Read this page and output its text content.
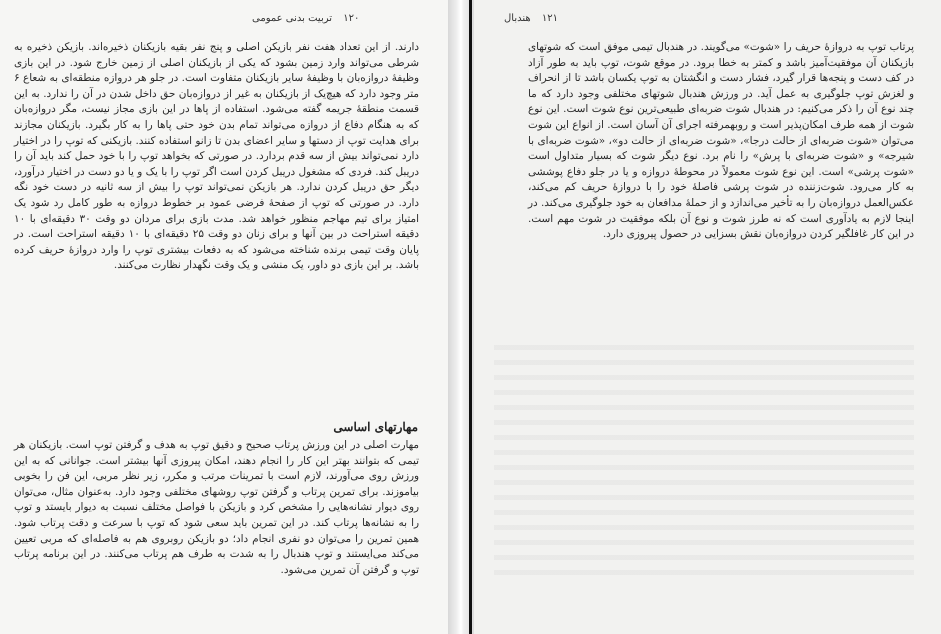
۱۲۰ تربیت بدنی عمومی
دارند. از این تعداد هفت نفر بازیکن اصلی و پنج نفر بقیه بازیکنان ذخیره‌اند. بازیکن ذخیره به شرطی می‌تواند وارد زمین بشود که یکی از بازیکنان اصلی از زمین خارج شود. در این بازی وظیفهٔ دروازه‌بان با وظیفهٔ سایر بازیکنان متفاوت است. در جلو هر دروازه منطقه‌ای به شعاع ۶ متر وجود دارد که هیچ‌یک از بازیکنان به غیر از دروازه‌بان حق داخل شدن در آن را ندارد. به این قسمت منطقهٔ جریمه گفته می‌شود. استفاده از پاها در این بازی مجاز نیست، مگر دروازه‌بان که به هنگام دفاع از دروازه می‌تواند تمام بدن خود حتی پاها را به کار بگیرد. بازیکنان مجازند برای هدایت توپ از دستها و سایر اعضای بدن تا زانو استفاده کنند. بازیکنی که توپ را در اختیار دارد نمی‌تواند بیش از سه قدم بردارد. در صورتی که بخواهد توپ را با خود حمل کند باید آن را دریبل کند. فردی که مشغول دریبل کردن است اگر توپ را با یک و یا دو دست در اختیار درآورد، دیگر حق دریبل کردن ندارد. هر بازیکن نمی‌تواند توپ را بیش از سه ثانیه در دست خود نگه دارد. در صورتی که توپ از صفحهٔ فرضی عمود بر خطوط دروازه به طور کامل رد شود یک امتیاز برای تیم مهاجم منظور خواهد شد. مدت بازی برای مردان دو وقت ۳۰ دقیقه‌ای با ۱۰ دقیقه استراحت در بین آنها و برای زنان دو وقت ۲۵ دقیقه‌ای با ۱۰ دقیقه استراحت است. در پایان وقت تیمی برنده شناخته می‌شود که به دفعات بیشتری توپ را وارد دروازهٔ حریف کرده باشد. بر این بازی دو داور، یک منشی و یک وقت نگهدار نظارت می‌کنند.
مهارتهای اساسی
مهارت اصلی در این ورزش پرتاب صحیح و دقیق توپ به هدف و گرفتن توپ است. بازیکنان هر تیمی که بتوانند بهتر این کار را انجام دهند، امکان پیروزی آنها بیشتر است. جوانانی که به این ورزش روی می‌آورند، لازم است با تمرینات مرتب و مکرر، زیر نظر مربی، این فن را بخوبی بیاموزند. برای تمرین پرتاب و گرفتن توپ روشهای مختلفی وجود دارد. به‌عنوان مثال، می‌توان روی دیوار نشانه‌هایی را مشخص کرد و بازیکن با فواصل مختلف نسبت به دیوار بایستد و توپ را به نشانه‌ها پرتاب کند. در این تمرین باید سعی شود که توپ با سرعت و دقت پرتاب شود. همین تمرین را می‌توان دو نفری انجام داد؛ دو بازیکن روبروی هم به فاصله‌ای که مربی تعیین می‌کند می‌ایستند و توپ هندبال را به شدت به طرف هم پرتاب می‌کنند. در این برنامه پرتاب توپ و گرفتن آن تمرین می‌شود.
۱۲۱ هندبال
پرتاب توپ به دروازهٔ حریف را «شوت» می‌گویند. در هندبال تیمی موفق است که شوتهای بازیکنان آن موفقیت‌آمیز باشد و کمتر به خطا برود. در موقع شوت، توپ باید به طور آزاد در کف دست و پنجه‌ها قرار گیرد، فشار دست و انگشتان به توپ یکسان باشد تا از انحراف و لغزش توپ جلوگیری به عمل آید. در ورزش هندبال شوتهای مختلفی وجود دارد که ما چند نوع آن را ذکر می‌کنیم: در هندبال شوت ضربه‌ای طبیعی‌ترین نوع شوت است. این نوع شوت از همه طرف امکان‌پذیر است و روبهمرفته اجرای آن آسان است. از انواع این شوت می‌توان «شوت ضربه‌ای از حالت درجا»، «شوت ضربه‌ای از حالت دو»، «شوت ضربه‌ای با شیرجه» و «شوت ضربه‌ای با پرش» را نام برد. نوع دیگر شوت که بسیار متداول است «شوت پرشی» است. این نوع شوت معمولاً در محوطهٔ دروازه و یا در جلو دفاع پوششی به کار می‌رود. شوت‌زننده در شوت پرشی فاصلهٔ خود را با دروازهٔ حریف کم می‌کند، عکس‌العمل دروازه‌بان را به تأخیر می‌اندازد و از حملهٔ مدافعان به خود جلوگیری می‌کند. در اینجا لازم به یادآوری است که نه طرز شوت و نوع آن بلکه موفقیت در شوت مهم است. در این کار غافلگیر کردن دروازه‌بان نقش بسزایی در حصول پیروزی دارد.
